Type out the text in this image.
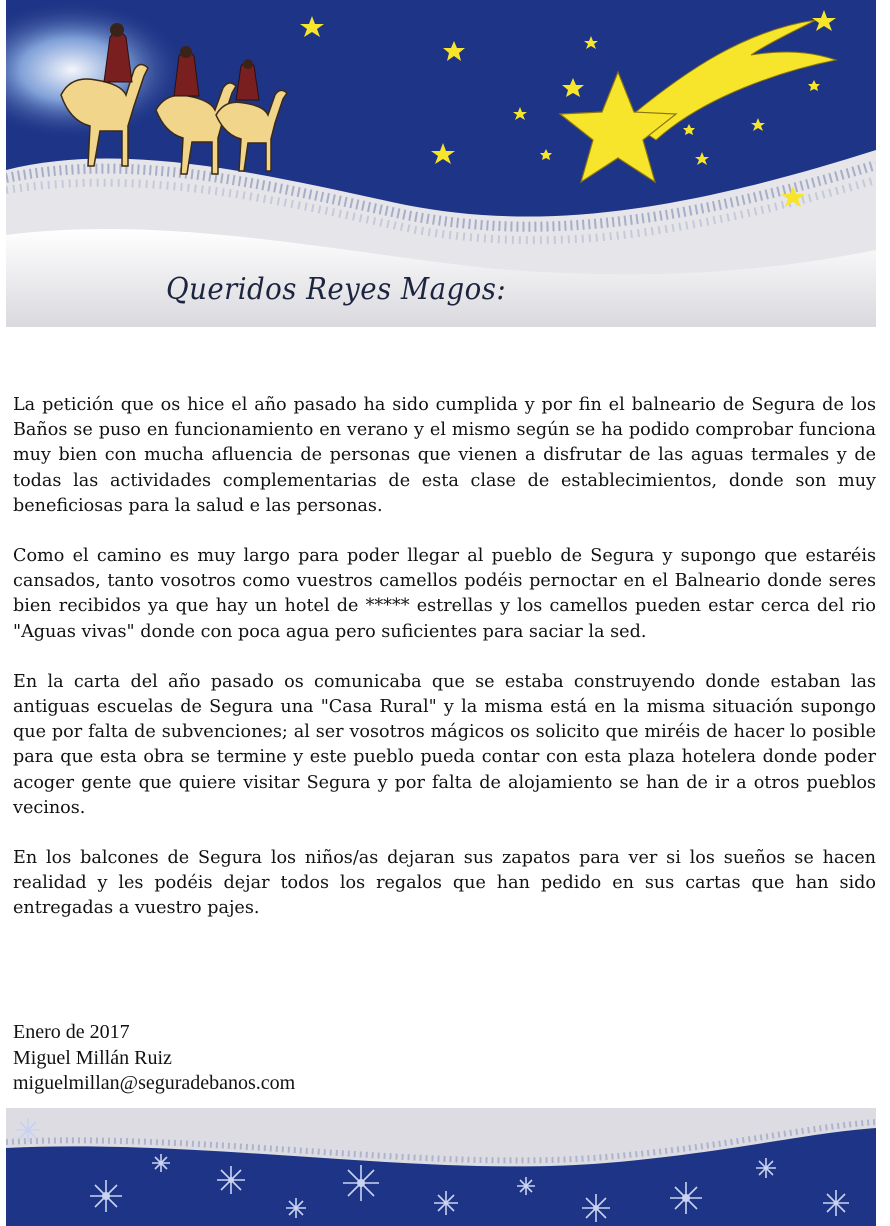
Queridos Reyes Magos:

La petición que os hice el año pasado ha sido cumplida y por fin el balneario de Segura de los Baños se puso en funcionamiento en verano y el mismo según se ha podido comprobar funciona muy bien con mucha afluencia de personas que vienen a disfrutar de las aguas termales y de todas las actividades complementarias de esta clase de establecimientos, donde son muy beneficiosas para la salud e las personas.

Como el camino es muy largo para poder llegar al pueblo de Segura y supongo que estaréis cansados, tanto vosotros como vuestros camellos podéis pernoctar en el Balneario donde seres bien recibidos ya que hay un hotel de ***** estrellas y los camellos pueden estar cerca del rio "Aguas vivas" donde con poca agua pero suficientes para saciar la sed.

En la carta del año pasado os comunicaba que se estaba construyendo donde estaban las antiguas escuelas de Segura una "Casa Rural" y la misma está en la misma situación supongo que por falta de subvenciones; al ser vosotros mágicos os solicito que miréis de hacer lo posible para que esta obra se termine y este pueblo pueda contar con esta plaza hotelera donde poder acoger gente que quiere visitar Segura y por falta de alojamiento se han de ir a otros pueblos vecinos.

En los balcones de Segura los niños/as dejaran sus zapatos para ver si los sueños se hacen realidad y les podéis dejar todos los regalos que han pedido en sus cartas que han sido entregadas a vuestro pajes.

Enero de 2017
Miguel Millán Ruiz
miguelmillan@seguradebanos.com
